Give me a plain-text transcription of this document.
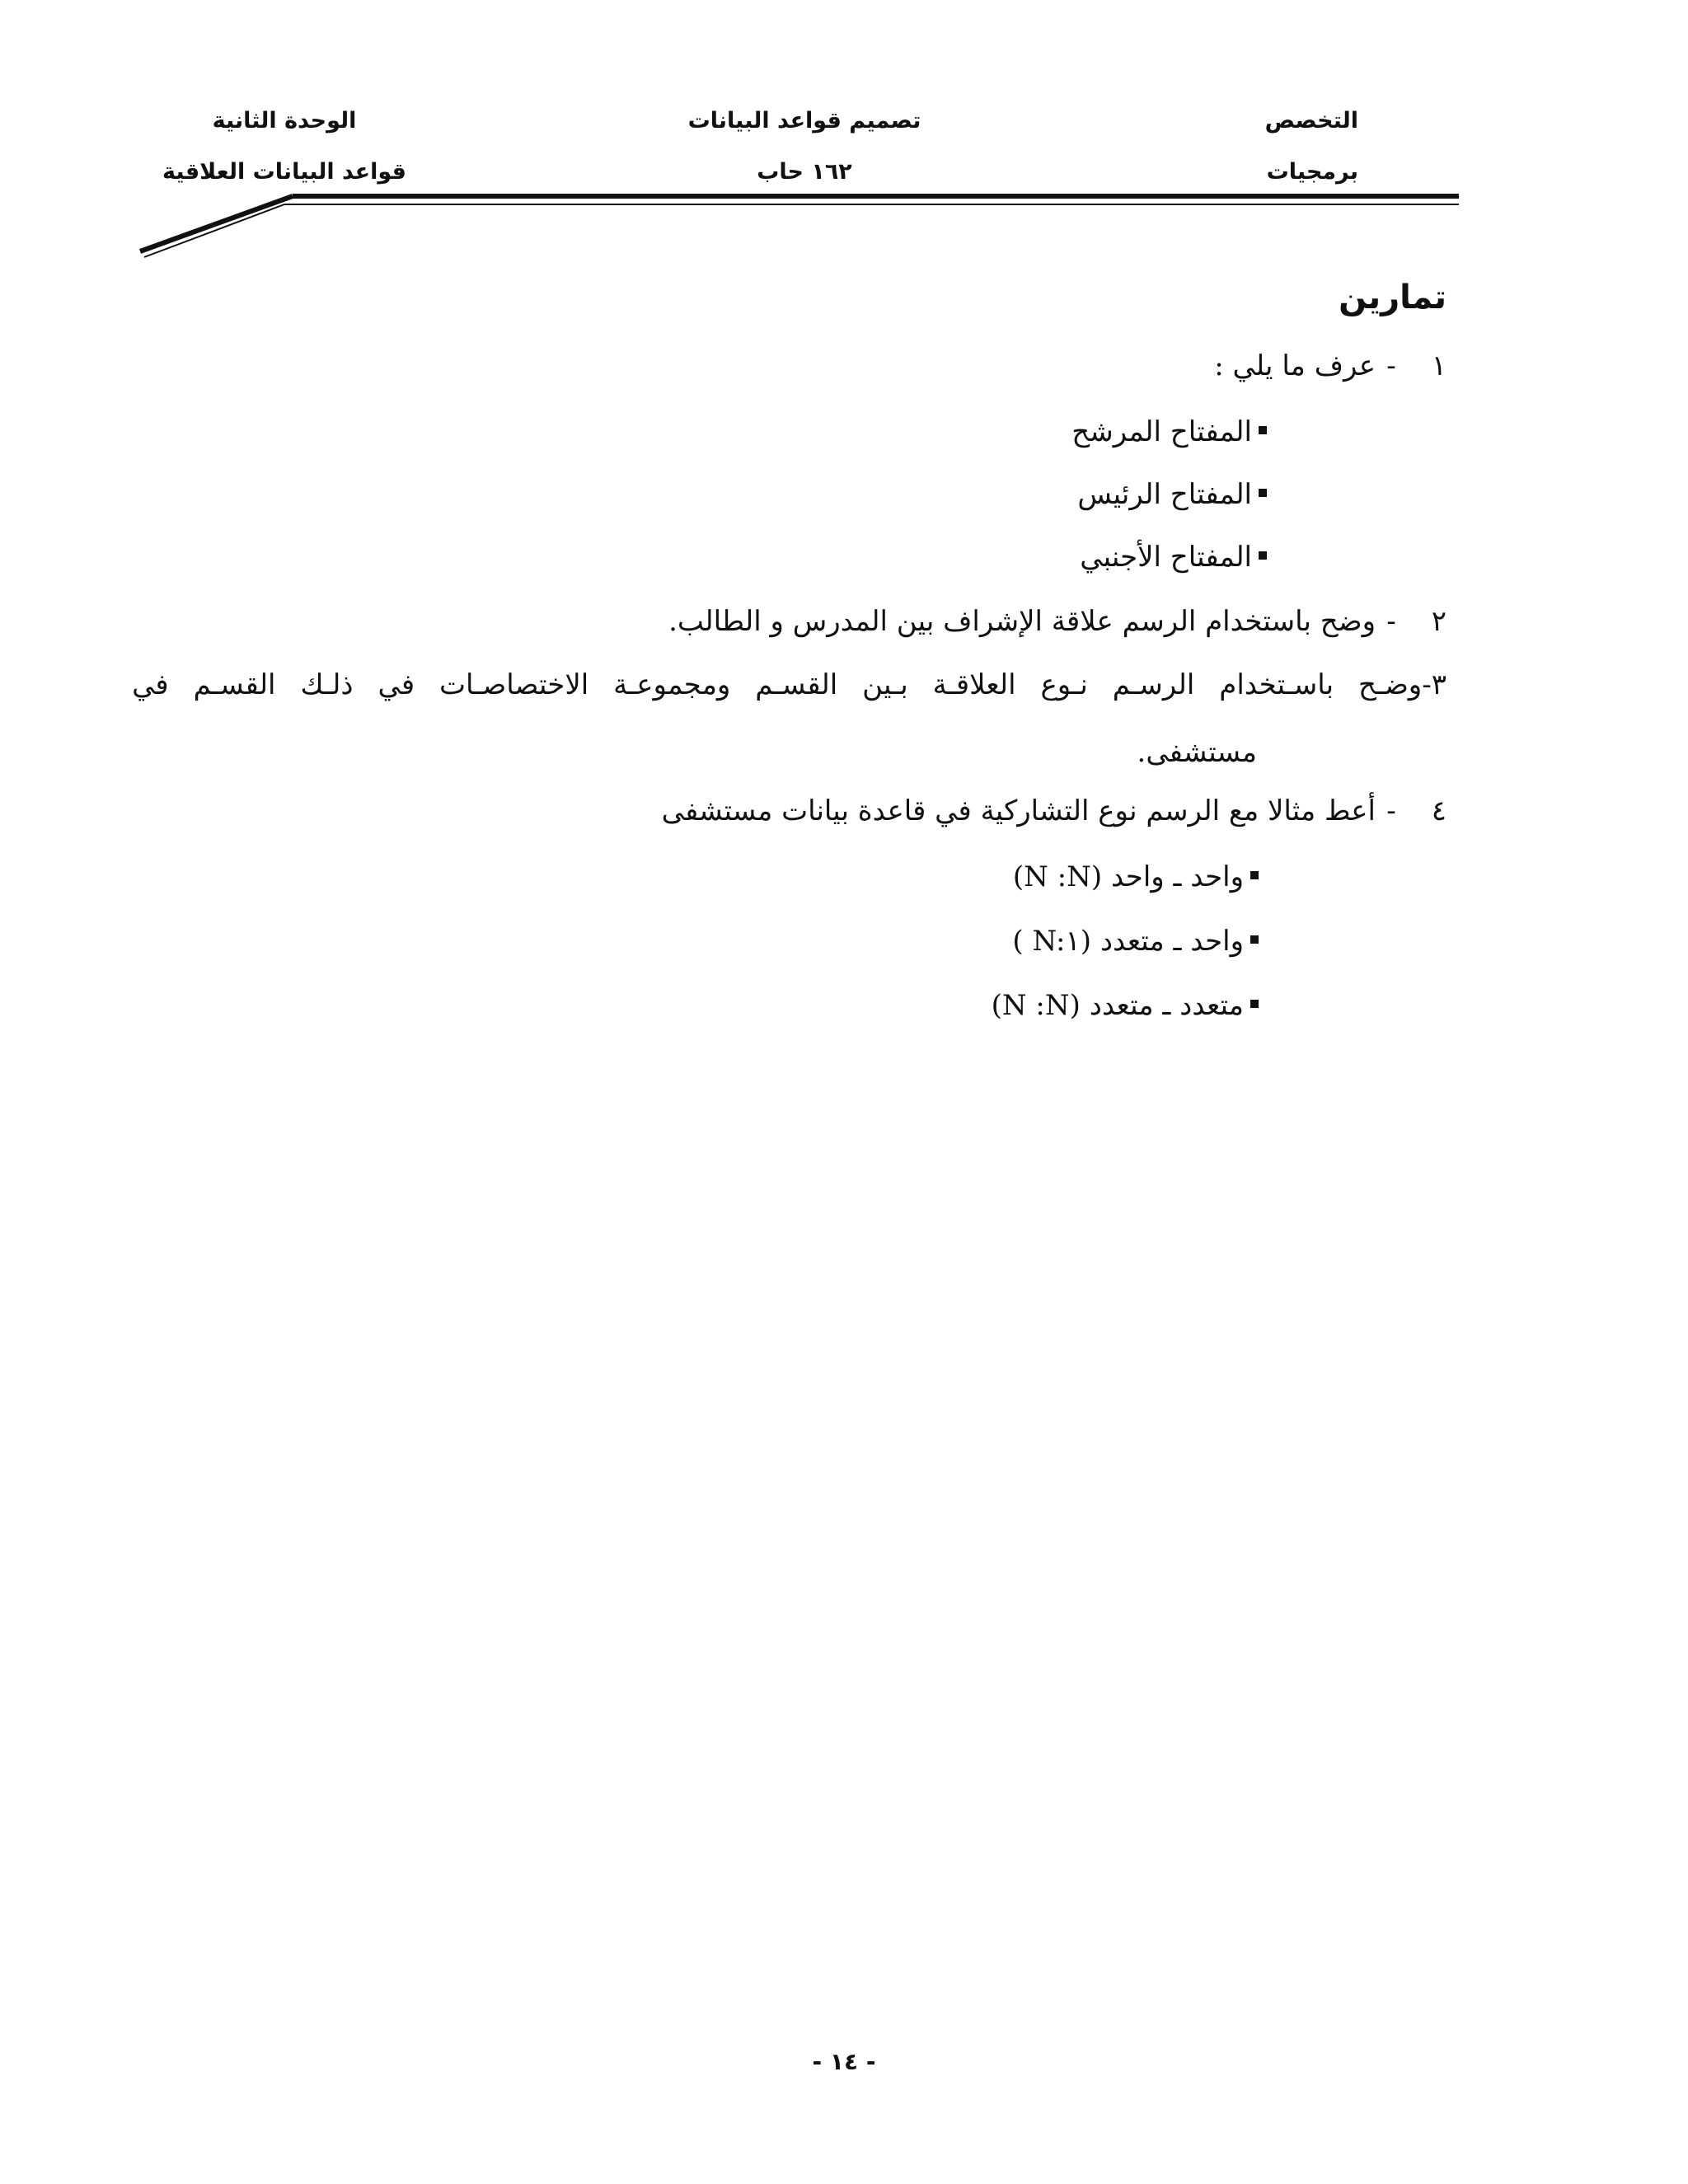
التخصص
تصميم قواعد البيانات
الوحدة الثانية
برمجيات
١٦٢ حاب
قواعد البيانات العلاقية
تمارين
١-عرف ما يلي :
المفتاح المرشح
المفتاح الرئيس
المفتاح الأجنبي
٢-وضح باستخدام الرسم علاقة الإشراف بين المدرس و الطالب.
٣-وضـح
باسـتخدام
الرسـم
نـوع
العلاقـة
بـين
القسـم
ومجموعـة
الاختصاصـات
في
ذلـك
القسـم
في
مستشفى.
٤-أعط مثالا مع الرسم نوع التشاركية في قاعدة بيانات مستشفى
واحد ـ واحد (N :N)
واحد ـ متعدد ( N:١)
متعدد ـ متعدد (N :N)
- ١٤ -
